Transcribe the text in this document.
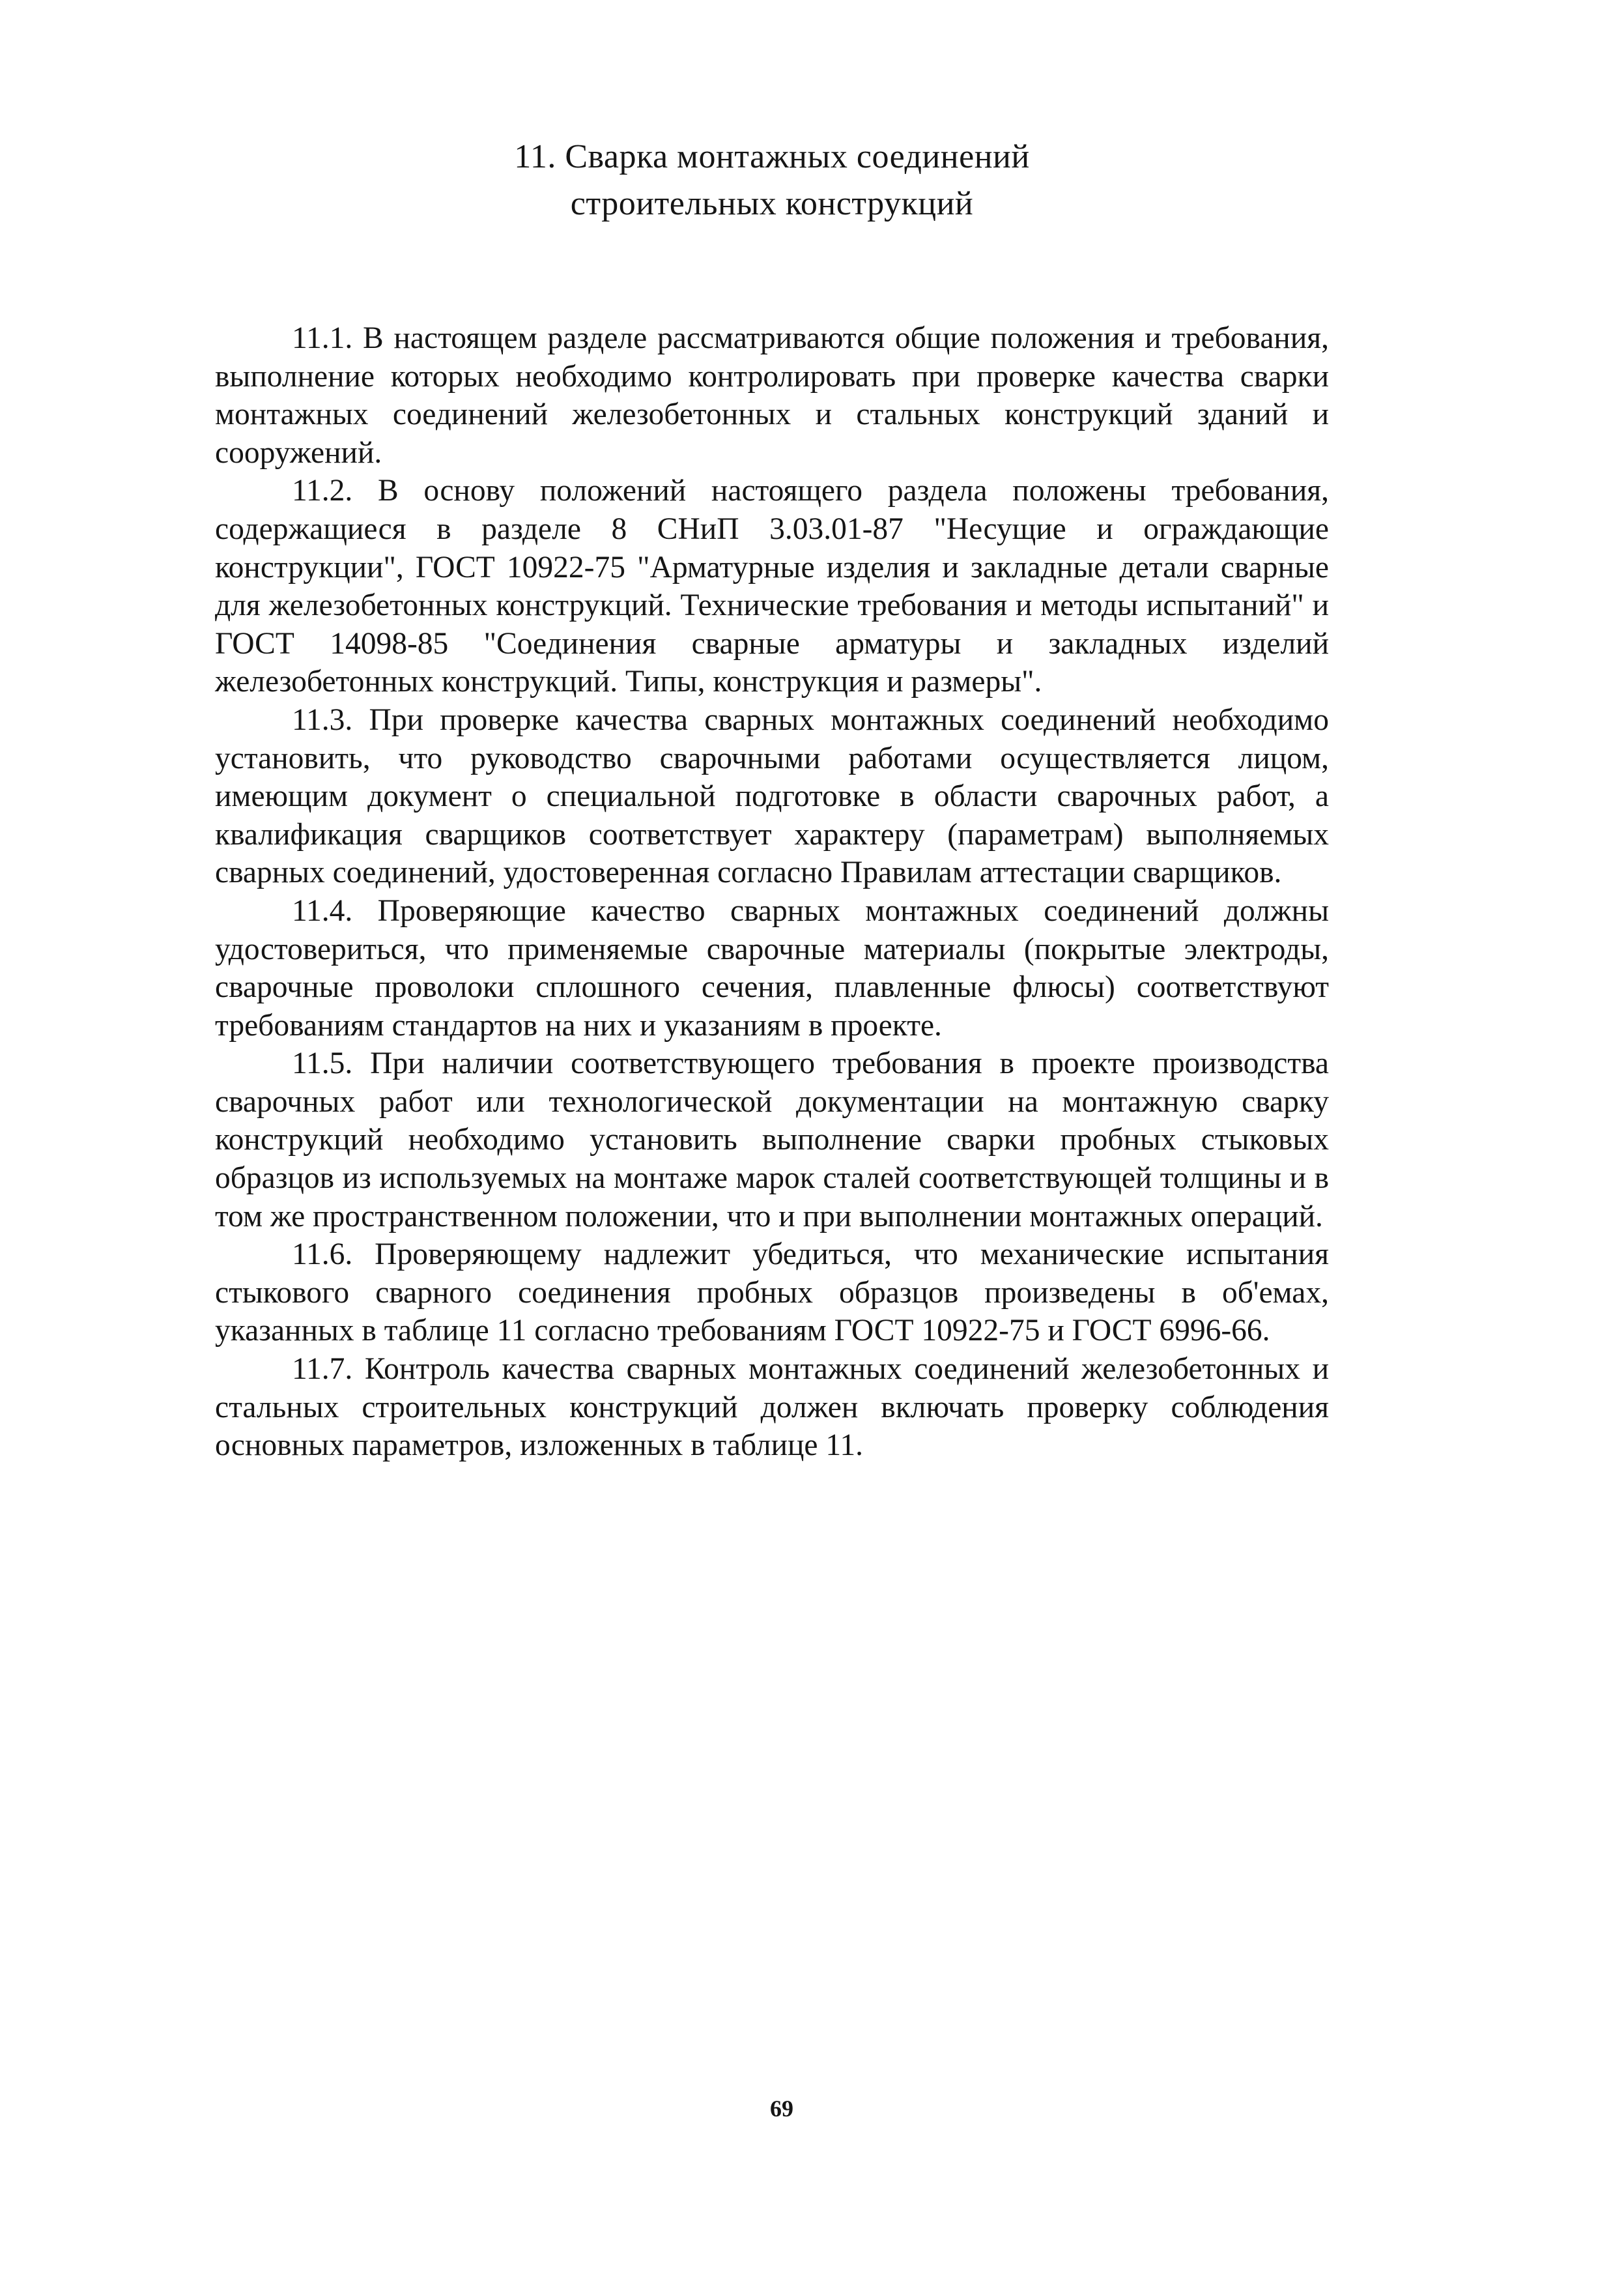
11. Сварка монтажных соединений
строительных конструкций

11.1. В настоящем разделе рассматриваются общие положения и требования, выполнение которых необходимо контролировать при проверке качества сварки монтажных соединений железобетонных и стальных конструкций зданий и сооружений.

11.2. В основу положений настоящего раздела положены требования, содержащиеся в разделе 8 СНиП 3.03.01-87 "Несущие и ограждающие конструкции", ГОСТ 10922-75 "Арматурные изделия и закладные детали сварные для железобетонных конструкций. Технические требования и методы испытаний" и ГОСТ 14098-85 "Соединения сварные арматуры и закладных изделий железобетонных конструкций. Типы, конструкция и размеры".

11.3. При проверке качества сварных монтажных соединений необходимо установить, что руководство сварочными работами осуществляется лицом, имеющим документ о специальной подготовке в области сварочных работ, а квалификация сварщиков соответствует характеру (параметрам) выполняемых сварных соединений, удостоверенная согласно Правилам аттестации сварщиков.

11.4. Проверяющие качество сварных монтажных соединений должны удостовериться, что применяемые сварочные материалы (покрытые электроды, сварочные проволоки сплошного сечения, плавленные флюсы) соответствуют требованиям стандартов на них и указаниям в проекте.

11.5. При наличии соответствующего требования в проекте производства сварочных работ или технологической документации на монтажную сварку конструкций необходимо установить выполнение сварки пробных стыковых образцов из используемых на монтаже марок сталей соответствующей толщины и в том же пространственном положении, что и при выполнении монтажных операций.

11.6. Проверяющему надлежит убедиться, что механические испытания стыкового сварного соединения пробных образцов произведены в об'емах, указанных в таблице 11 согласно требованиям ГОСТ 10922-75 и ГОСТ 6996-66.

11.7. Контроль качества сварных монтажных соединений железобетонных и стальных строительных конструкций должен включать проверку соблюдения основных параметров, изложенных в таблице 11.

69
